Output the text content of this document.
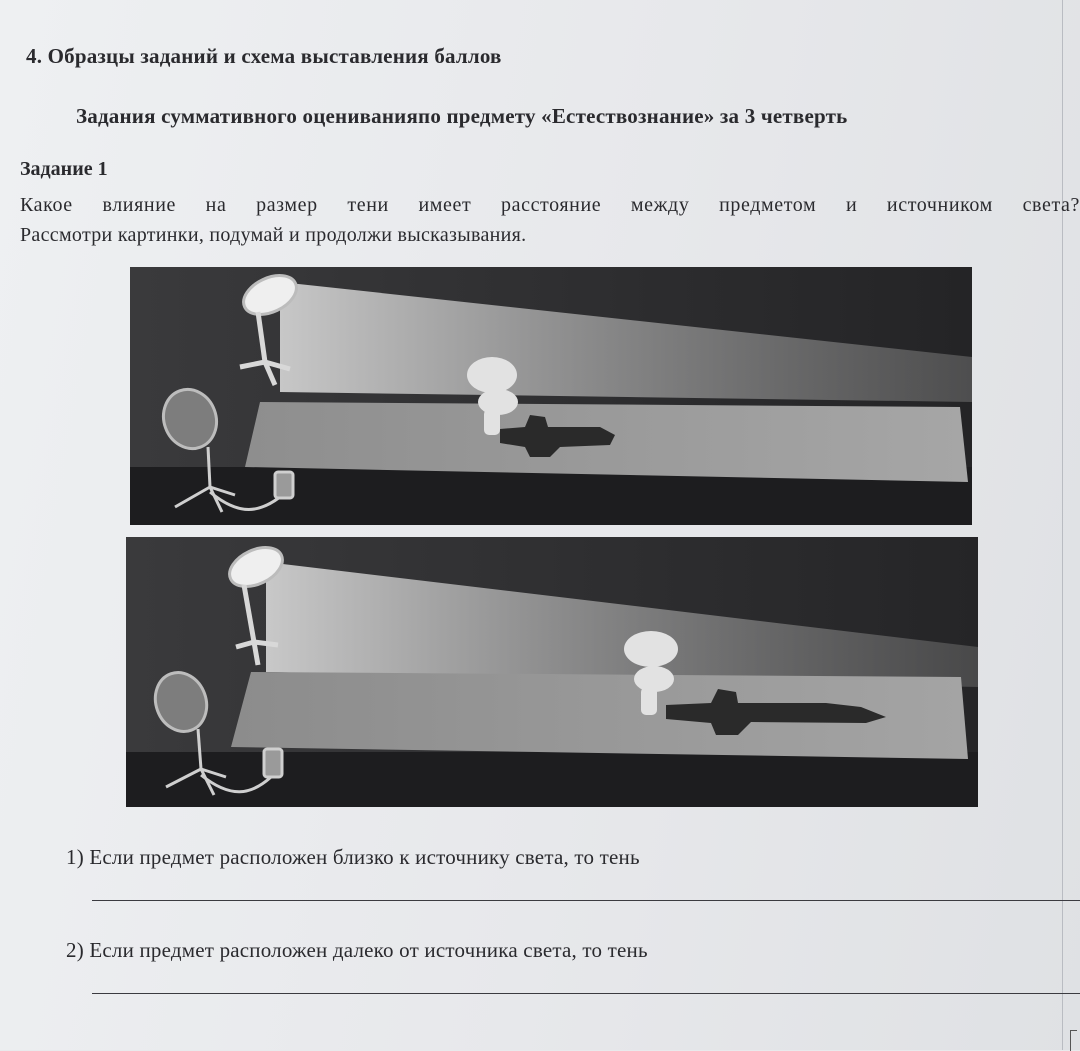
4. Образцы заданий и схема выставления баллов
Задания суммативного оцениванияпо предмету «Естествознание» за 3 четверть
Задание 1
Какое влияние на размер тени имеет расстояние между предметом и источником света?
Рассмотри картинки, подумай и продолжи высказывания.
1) Если предмет расположен близко к источнику света, то тень
2) Если предмет расположен далеко от источника света, то тень
